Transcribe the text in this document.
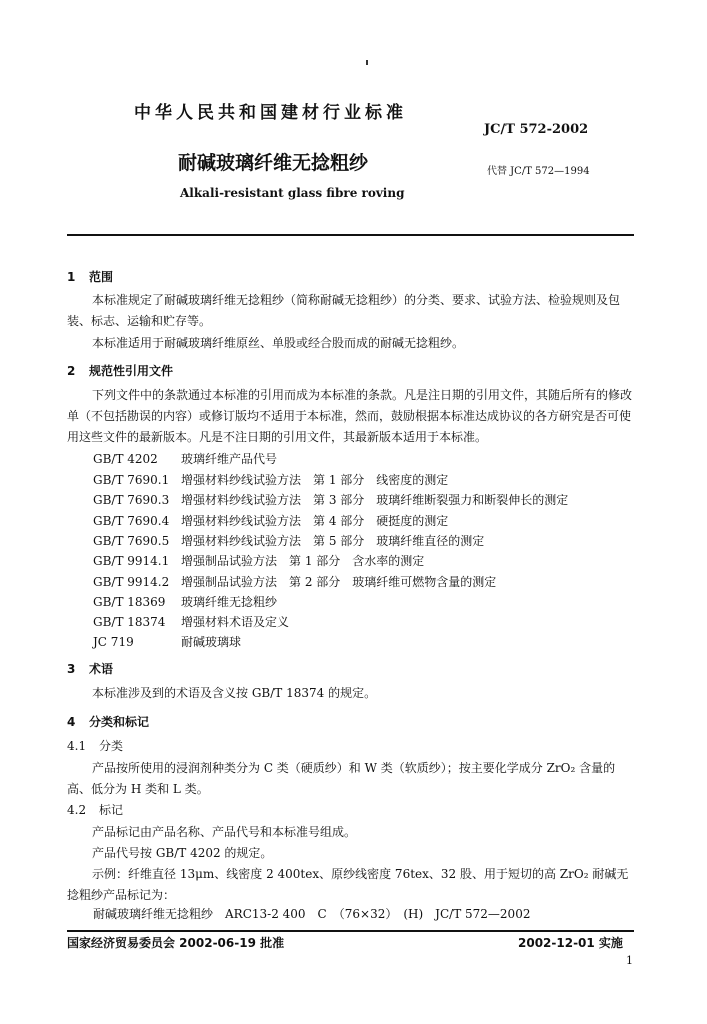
中华人民共和国建材行业标准
JC/T 572-2002
耐碱玻璃纤维无捻粗纱	代替 JC/T 572—1994
Alkali-resistant glass fibre roving
1 范围
本标准规定了耐碱玻璃纤维无捻粗纱（简称耐碱无捻粗纱）的分类、要求、试验方法、检验规则及包装、标志、运输和贮存等。
本标准适用于耐碱玻璃纤维原丝、单股或经合股而成的耐碱无捻粗纱。
2 规范性引用文件
下列文件中的条款通过本标准的引用而成为本标准的条款。凡是注日期的引用文件，其随后所有的修改单（不包括勘误的内容）或修订版均不适用于本标准，然而，鼓励根据本标准达成协议的各方研究是否可使用这些文件的最新版本。凡是不注日期的引用文件，其最新版本适用于本标准。
GB/T 4202 玻璃纤维产品代号
GB/T 7690.1 增强材料纱线试验方法　第 1 部分　线密度的测定
GB/T 7690.3 增强材料纱线试验方法　第 3 部分　玻璃纤维断裂强力和断裂伸长的测定
GB/T 7690.4 增强材料纱线试验方法　第 4 部分　硬挺度的测定
GB/T 7690.5 增强材料纱线试验方法　第 5 部分　玻璃纤维直径的测定
GB/T 9914.1 增强制品试验方法　第 1 部分　含水率的测定
GB/T 9914.2 增强制品试验方法　第 2 部分　玻璃纤维可燃物含量的测定
GB/T 18369 玻璃纤维无捻粗纱
GB/T 18374 增强材料术语及定义
JC 719	耐碱玻璃球
3 术语
本标准涉及到的术语及含义按 GB/T 18374 的规定。
4 分类和标记
4.1 分类
产品按所使用的浸润剂种类分为 C 类（硬质纱）和 W 类（软质纱）；按主要化学成分 ZrO₂ 含量的高、低分为 H 类和 L 类。
4.2 标记
产品标记由产品名称、产品代号和本标准号组成。
产品代号按 GB/T 4202 的规定。
示例：纤维直径 13μm、线密度 2 400tex、原纱线密度 76tex、32 股、用于短切的高 ZrO₂ 耐碱无捻粗纱产品标记为：
耐碱玻璃纤维无捻粗纱　ARC13-2 400　C　（76×32）　(H)　JC/T 572—2002
国家经济贸易委员会 2002-06-19 批准	2002-12-01 实施
1
